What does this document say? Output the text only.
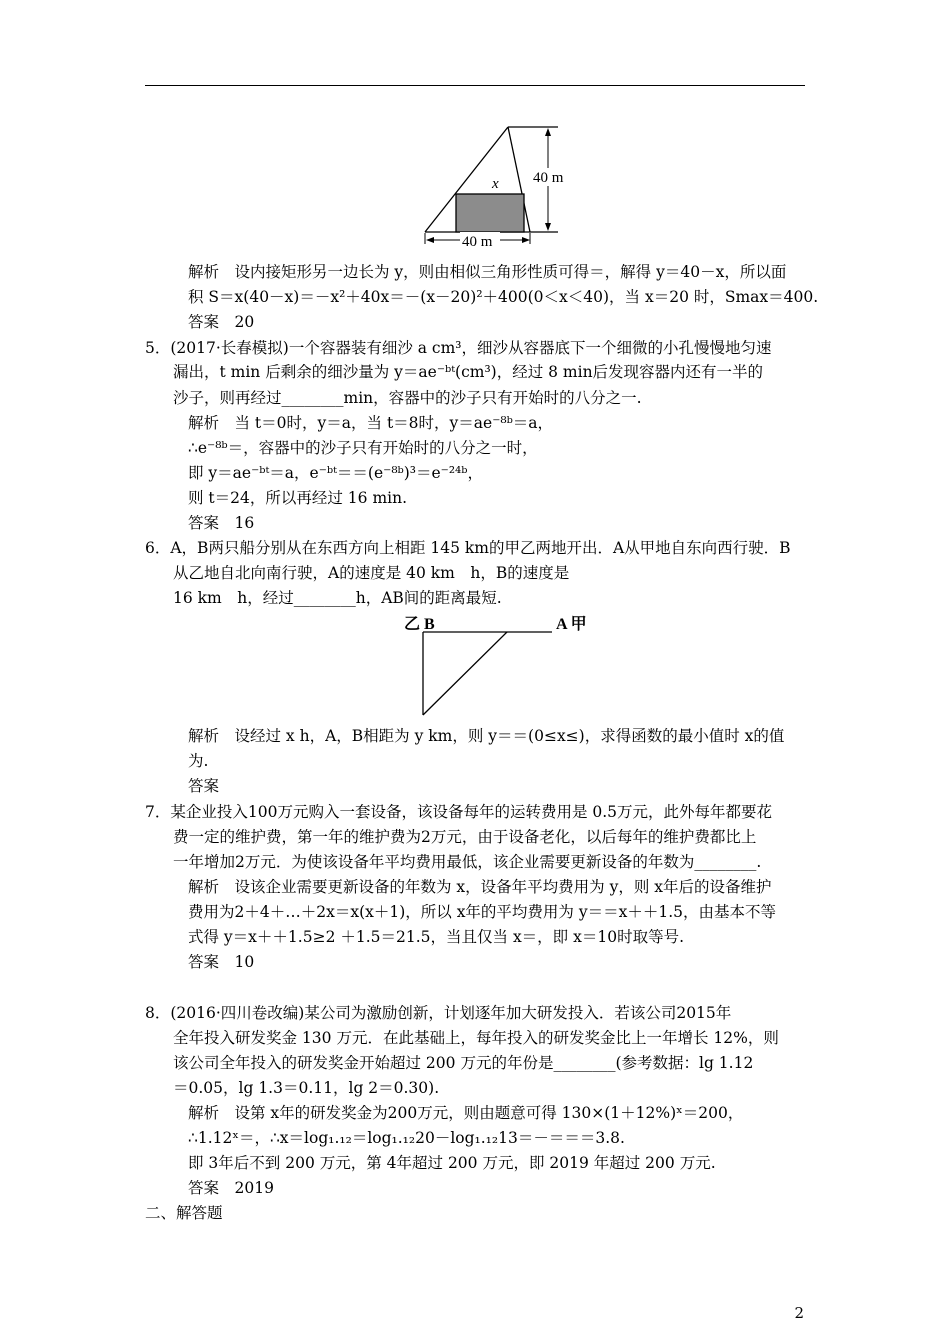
x 40 m
40 m
乙 B	A 甲
解析　设内接矩形另一边长为 y，则由相似三角形性质可得＝，解得 y＝40－x，所以面
积 S＝x(40－x)＝－x²＋40x＝－(x－20)²＋400(0＜x＜40)，当 x＝20 时，Smax＝400.
答案　20
5．(2017·长春模拟)一个容器装有细沙 a cm³，细沙从容器底下一个细微的小孔慢慢地匀速
漏出，t min 后剩余的细沙量为 y＝ae⁻ᵇᵗ(cm³)，经过 8 min后发现容器内还有一半的
沙子，则再经过________min，容器中的沙子只有开始时的八分之一.
解析　当 t＝0时，y＝a，当 t＝8时，y＝ae⁻⁸ᵇ＝a，
∴e⁻⁸ᵇ＝，容器中的沙子只有开始时的八分之一时，
即 y＝ae⁻ᵇᵗ＝a，e⁻ᵇᵗ＝＝(e⁻⁸ᵇ)³＝e⁻²⁴ᵇ，
则 t＝24，所以再经过 16 min.
答案　16
6．A，B两只船分别从在东西方向上相距 145 km的甲乙两地开出．A从甲地自东向西行驶．B
从乙地自北向南行驶，A的速度是 40 km　h，B的速度是
16 km　h，经过________h，AB间的距离最短.
解析　设经过 x h，A，B相距为 y km，则 y＝＝(0≤x≤)，求得函数的最小值时 x的值
为.
答案
7．某企业投入100万元购入一套设备，该设备每年的运转费用是 0.5万元，此外每年都要花
费一定的维护费，第一年的维护费为2万元，由于设备老化，以后每年的维护费都比上
一年增加2万元．为使该设备年平均费用最低，该企业需要更新设备的年数为________.
解析　设该企业需要更新设备的年数为 x，设备年平均费用为 y，则 x年后的设备维护
费用为2＋4＋…＋2x＝x(x＋1)，所以 x年的平均费用为 y＝＝x＋＋1.5，由基本不等
式得 y＝x＋＋1.5≥2 ＋1.5＝21.5，当且仅当 x＝，即 x＝10时取等号.
答案　10
8．(2016·四川卷改编)某公司为激励创新，计划逐年加大研发投入．若该公司2015年
全年投入研发奖金 130 万元．在此基础上，每年投入的研发奖金比上一年增长 12%，则
该公司全年投入的研发奖金开始超过 200 万元的年份是________(参考数据：lg 1.12
＝0.05，lg 1.3＝0.11，lg 2＝0.30).
解析　设第 x年的研发奖金为200万元，则由题意可得 130×(1＋12%)ˣ＝200，
∴1.12ˣ＝，∴x＝log₁.₁₂＝log₁.₁₂20－log₁.₁₂13＝－＝＝＝3.8.
即 3年后不到 200 万元，第 4年超过 200 万元，即 2019 年超过 200 万元.
答案　2019
二、解答题
2
